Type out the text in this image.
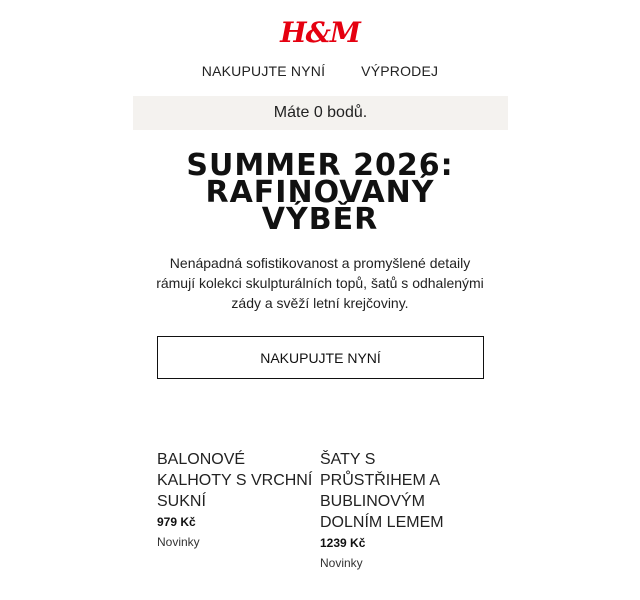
H&M
NAKUPUJTE NYNÍ	VÝPRODEJ
Máte 0 bodů.
SUMMER 2026:
RAFINOVANÝ
VÝBĚR

Nenápadná sofistikovanost a promyšlené detaily rámují kolekci skulpturálních topů, šatů s odhalenými zády a svěží letní krejčoviny.

NAKUPUJTE NYNÍ

BALONOVÉ KALHOTY S VRCHNÍ SUKNÍ

979 Kč
Novinky

ŠATY S PRŮSTŘIHEM A BUBLINOVÝM DOLNÍM LEMEM

1239 Kč
Novinky
